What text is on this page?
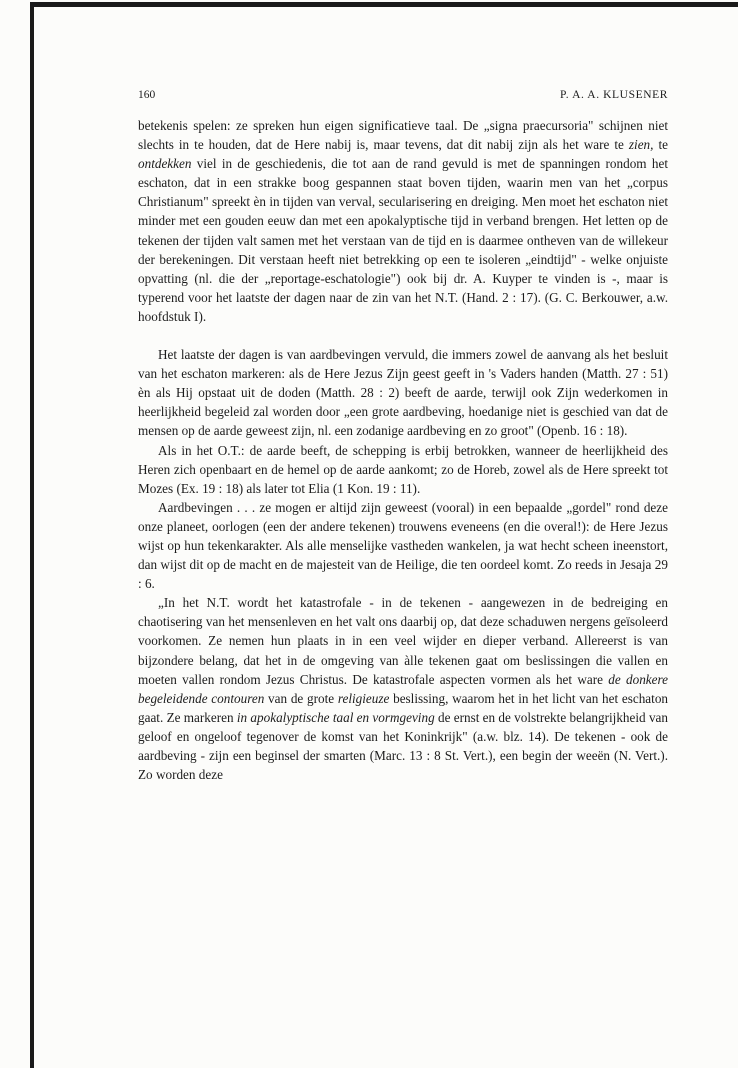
160	P. A. A. KLUSENER

betekenis spelen: ze spreken hun eigen significatieve taal. De „signa praecursoria" schijnen niet slechts in te houden, dat de Here nabij is, maar tevens, dat dit nabij zijn als het ware te zien, te ontdekken viel in de geschiedenis, die tot aan de rand gevuld is met de spanningen rondom het eschaton, dat in een strakke boog gespannen staat boven tijden, waarin men van het „corpus Christianum" spreekt èn in tijden van verval, secularisering en dreiging. Men moet het eschaton niet minder met een gouden eeuw dan met een apokalyptische tijd in verband brengen. Het letten op de tekenen der tijden valt samen met het verstaan van de tijd en is daarmee ontheven van de willekeur der berekeningen. Dit verstaan heeft niet betrekking op een te isoleren „eindtijd" - welke onjuiste opvatting (nl. die der „reportage-eschatologie") ook bij dr. A. Kuyper te vinden is -, maar is typerend voor het laatste der dagen naar de zin van het N.T. (Hand. 2 : 17). (G. C. Berkouwer, a.w. hoofdstuk I).

Het laatste der dagen is van aardbevingen vervuld, die immers zowel de aanvang als het besluit van het eschaton markeren: als de Here Jezus Zijn geest geeft in 's Vaders handen (Matth. 27 : 51) èn als Hij opstaat uit de doden (Matth. 28 : 2) beeft de aarde, terwijl ook Zijn wederkomen in heerlijkheid begeleid zal worden door „een grote aardbeving, hoedanige niet is geschied van dat de mensen op de aarde geweest zijn, nl. een zodanige aardbeving en zo groot" (Openb. 16 : 18).

Als in het O.T.: de aarde beeft, de schepping is erbij betrokken, wanneer de heerlijkheid des Heren zich openbaart en de hemel op de aarde aankomt; zo de Horeb, zowel als de Here spreekt tot Mozes (Ex. 19 : 18) als later tot Elia (1 Kon. 19 : 11).

Aardbevingen . . . ze mogen er altijd zijn geweest (vooral) in een bepaalde „gordel" rond deze onze planeet, oorlogen (een der andere tekenen) trouwens eveneens (en die overal!): de Here Jezus wijst op hun tekenkarakter. Als alle menselijke vastheden wankelen, ja wat hecht scheen ineenstort, dan wijst dit op de macht en de majesteit van de Heilige, die ten oordeel komt. Zo reeds in Jesaja 29 : 6.

„In het N.T. wordt het katastrofale - in de tekenen - aangewezen in de bedreiging en chaotisering van het mensenleven en het valt ons daarbij op, dat deze schaduwen nergens geïsoleerd voorkomen. Ze nemen hun plaats in in een veel wijder en dieper verband. Allereerst is van bijzondere belang, dat het in de omgeving van àlle tekenen gaat om beslissingen die vallen en moeten vallen rondom Jezus Christus. De katastrofale aspecten vormen als het ware de donkere begeleidende contouren van de grote religieuze beslissing, waarom het in het licht van het eschaton gaat. Ze markeren in apokalyptische taal en vormgeving de ernst en de volstrekte belangrijkheid van geloof en ongeloof tegenover de komst van het Koninkrijk" (a.w. blz. 14). De tekenen - ook de aardbeving - zijn een beginsel der smarten (Marc. 13 : 8 St. Vert.), een begin der weeën (N. Vert.). Zo worden deze
